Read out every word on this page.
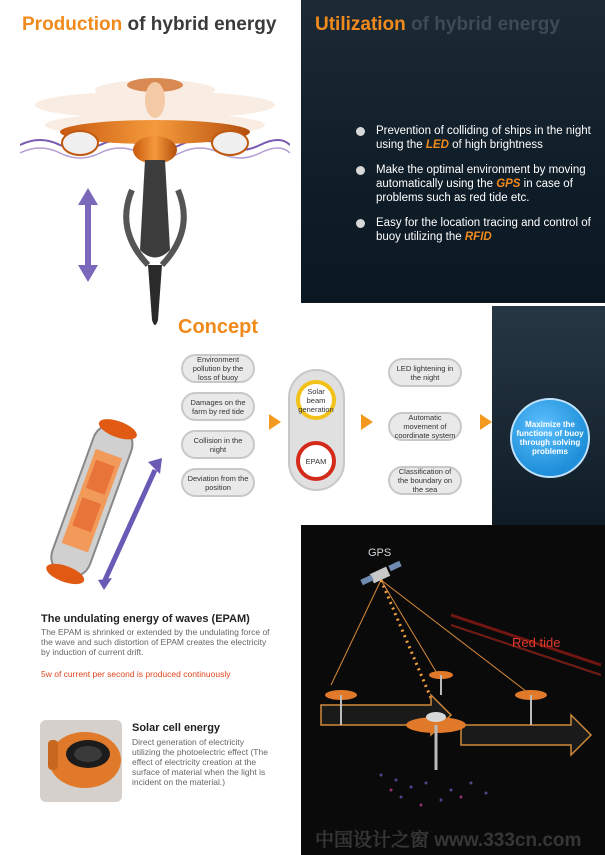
Production of hybrid energy Utilization of hybrid energy
Prevention of colliding of ships in the night using the LED of high brightness
Make the optimal environment by moving automatically using the GPS in case of problems such as red tide etc.
Easy for the location tracing and control of buoy utilizing the RFID
Concept
Environment pollution by the loss of buoy
Damages on the farm by red tide
Collision in the night
Deviation from the position
Solar beam generation
EPAM
LED lightening in the night
Automatic movement of coordinate system
Classification of the boundary on the sea
Maximize the functions of buoy through solving problems
GPS
Red tide
The undulating energy of waves (EPAM)
The EPAM is shrinked or extended by the undulating force of the wave and such distortion of EPAM creates the electricity by induction of current drift.
5w of current per second is produced continuously
Solar cell energy
Direct generation of electricity utilizing the photoelectric effect (The effect of electricity creation at the surface of material when the light is incident on the material.)
中国设计之窗 www.333cn.com
